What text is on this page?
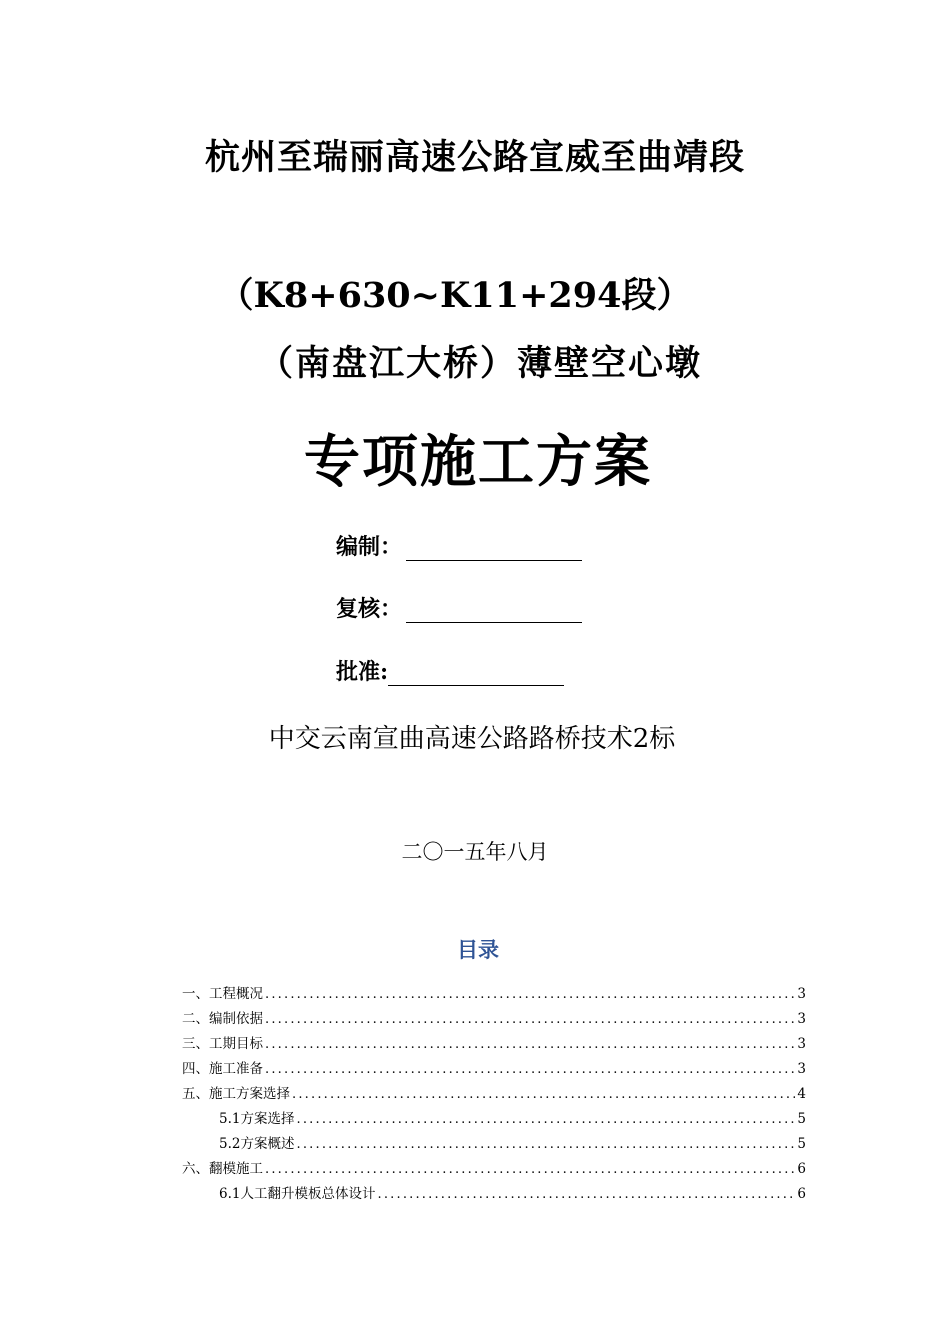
杭州至瑞丽高速公路宣威至曲靖段
（K8+630~K11+294段）
（南盘江大桥）薄壁空心墩
专项施工方案
编制：
复核：
批准:
中交云南宣曲高速公路路桥技术2标
二〇一五年八月
目录
一、工程概况 .....	3
二、编制依据 .....	3
三、工期目标 .....	3
四、施工准备 .....	3
五、施工方案选择 .....	4
5.1方案选择 .....	5
5.2方案概述 .....	5
六、翻模施工 .....	6
6.1人工翻升模板总体设计 .....	6
